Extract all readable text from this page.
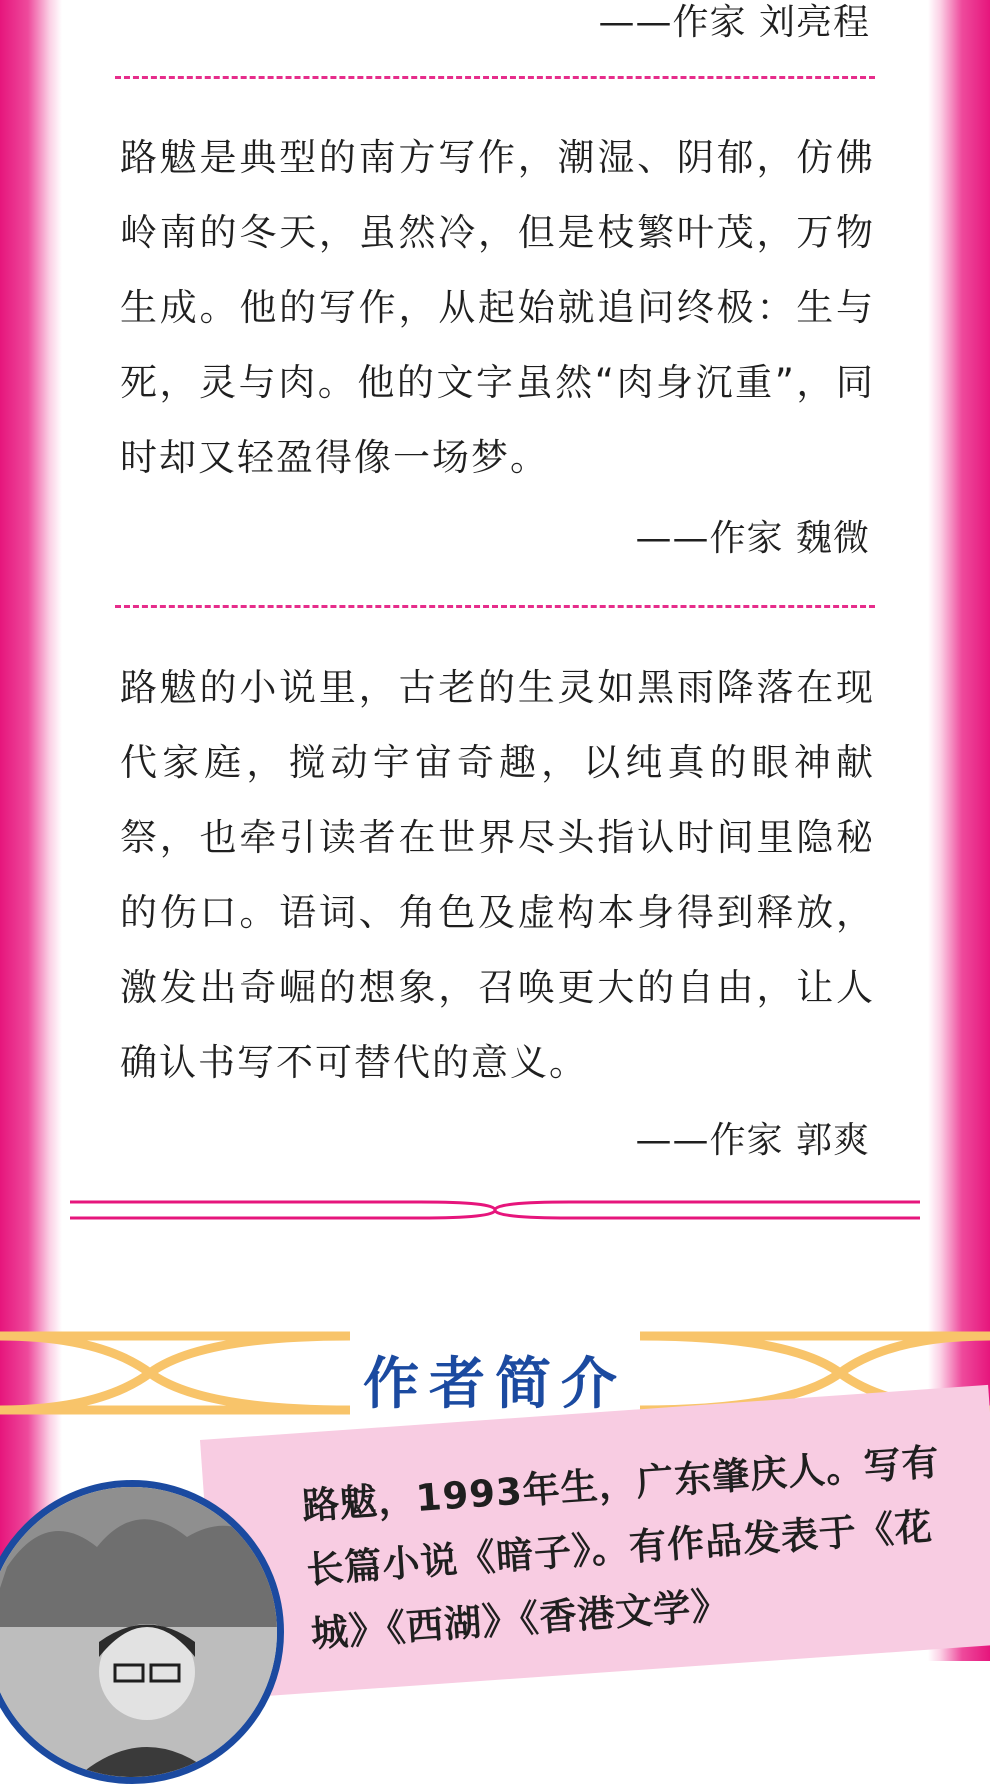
——作家 刘亮程
路魃是典型的南方写作，潮湿、阴郁，仿佛岭南的冬天，虽然冷，但是枝繁叶茂，万物生成。他的写作，从起始就追问终极：生与死，灵与肉。他的文字虽然“肉身沉重”，同时却又轻盈得像一场梦。
——作家 魏微
路魃的小说里，古老的生灵如黑雨降落在现代家庭，搅动宇宙奇趣，以纯真的眼神献祭，也牵引读者在世界尽头指认时间里隐秘的伤口。语词、角色及虚构本身得到释放，激发出奇崛的想象，召唤更大的自由，让人确认书写不可替代的意义。
——作家 郭爽
作者简介
路魃，1993年生，广东肇庆人。写有长篇小说《暗子》。有作品发表于《花城》《西湖》《香港文学》
